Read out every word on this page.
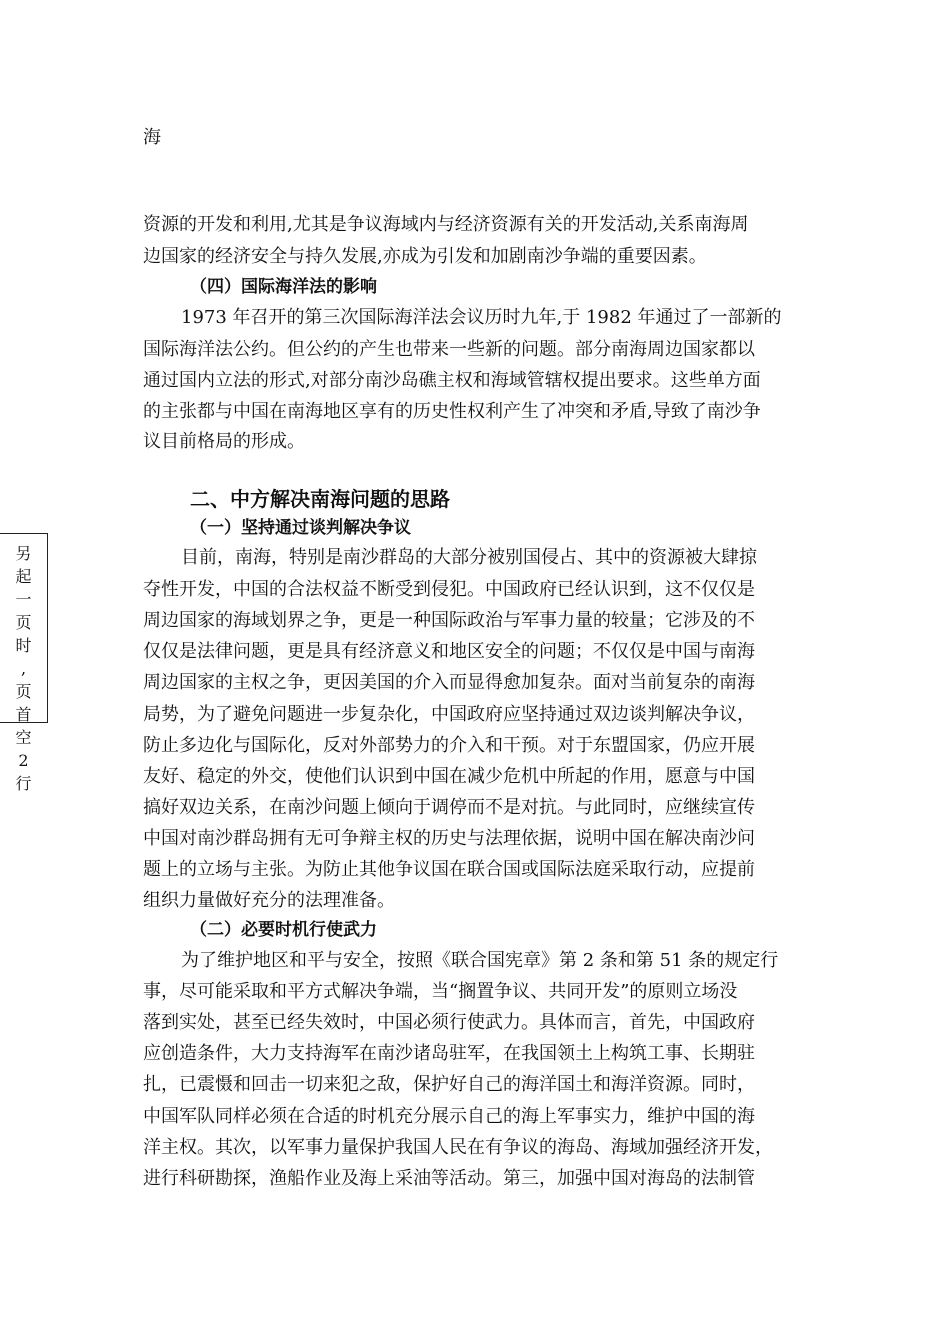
另
起
一
页
时
,
页
首
空
2
行
海
资源的开发和利用,尤其是争议海域内与经济资源有关的开发活动,关系南海周
边国家的经济安全与持久发展,亦成为引发和加剧南沙争端的重要因素。
（四）国际海洋法的影响
1973 年召开的第三次国际海洋法会议历时九年,于 1982 年通过了一部新的
国际海洋法公约。但公约的产生也带来一些新的问题。部分南海周边国家都以
通过国内立法的形式,对部分南沙岛礁主权和海域管辖权提出要求。这些单方面
的主张都与中国在南海地区享有的历史性权利产生了冲突和矛盾,导致了南沙争
议目前格局的形成。
二、中方解决南海问题的思路
（一）坚持通过谈判解决争议
目前，南海，特别是南沙群岛的大部分被别国侵占、其中的资源被大肆掠
夺性开发，中国的合法权益不断受到侵犯。中国政府已经认识到，这不仅仅是
周边国家的海域划界之争，更是一种国际政治与军事力量的较量；它涉及的不
仅仅是法律问题，更是具有经济意义和地区安全的问题；不仅仅是中国与南海
周边国家的主权之争，更因美国的介入而显得愈加复杂。面对当前复杂的南海
局势，为了避免问题进一步复杂化，中国政府应坚持通过双边谈判解决争议，
防止多边化与国际化，反对外部势力的介入和干预。对于东盟国家，仍应开展
友好、稳定的外交，使他们认识到中国在减少危机中所起的作用，愿意与中国
搞好双边关系，在南沙问题上倾向于调停而不是对抗。与此同时，应继续宣传
中国对南沙群岛拥有无可争辩主权的历史与法理依据，说明中国在解决南沙问
题上的立场与主张。为防止其他争议国在联合国或国际法庭采取行动，应提前
组织力量做好充分的法理准备。
（二）必要时机行使武力
为了维护地区和平与安全，按照《联合国宪章》第 2 条和第 51 条的规定行
事，尽可能采取和平方式解决争端，当“搁置争议、共同开发”的原则立场没
落到实处，甚至已经失效时，中国必须行使武力。具体而言，首先，中国政府
应创造条件，大力支持海军在南沙诸岛驻军，在我国领土上构筑工事、长期驻
扎，已震慑和回击一切来犯之敌，保护好自己的海洋国土和海洋资源。同时，
中国军队同样必须在合适的时机充分展示自己的海上军事实力，维护中国的海
洋主权。其次，以军事力量保护我国人民在有争议的海岛、海域加强经济开发，
进行科研勘探，渔船作业及海上采油等活动。第三，加强中国对海岛的法制管
